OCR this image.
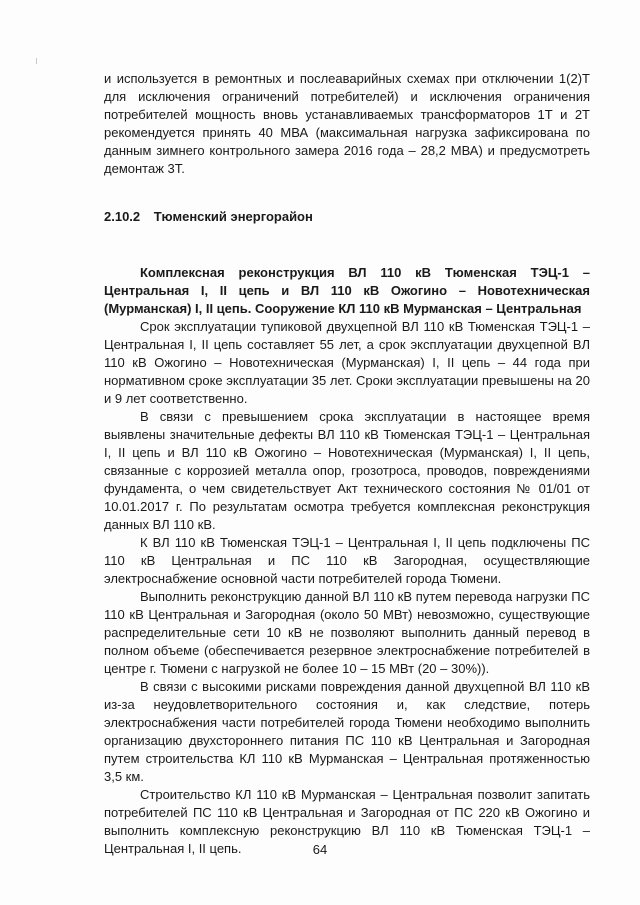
и используется в ремонтных и послеаварийных схемах при отключении 1(2)Т для исключения ограничений потребителей) и исключения ограничения потребителей мощность вновь устанавливаемых трансформаторов 1Т и 2Т рекомендуется принять 40 МВА (максимальная нагрузка зафиксирована по данным зимнего контрольного замера 2016 года – 28,2 МВА) и предусмотреть демонтаж 3Т.

2.10.2 Тюменский энергорайон

Комплексная реконструкция ВЛ 110 кВ Тюменская ТЭЦ-1 – Центральная I, II цепь и ВЛ 110 кВ Ожогино – Новотехническая (Мурманская) I, II цепь. Сооружение КЛ 110 кВ Мурманская – Центральная

Срок эксплуатации тупиковой двухцепной ВЛ 110 кВ Тюменская ТЭЦ-1 – Центральная I, II цепь составляет 55 лет, а срок эксплуатации двухцепной ВЛ 110 кВ Ожогино – Новотехническая (Мурманская) I, II цепь – 44 года при нормативном сроке эксплуатации 35 лет. Сроки эксплуатации превышены на 20 и 9 лет соответственно.

В связи с превышением срока эксплуатации в настоящее время выявлены значительные дефекты ВЛ 110 кВ Тюменская ТЭЦ-1 – Центральная I, II цепь и ВЛ 110 кВ Ожогино – Новотехническая (Мурманская) I, II цепь, связанные с коррозией металла опор, грозотроса, проводов, повреждениями фундамента, о чем свидетельствует Акт технического состояния № 01/01 от 10.01.2017 г. По результатам осмотра требуется комплексная реконструкция данных ВЛ 110 кВ.

К ВЛ 110 кВ Тюменская ТЭЦ-1 – Центральная I, II цепь подключены ПС 110 кВ Центральная и ПС 110 кВ Загородная, осуществляющие электроснабжение основной части потребителей города Тюмени.

Выполнить реконструкцию данной ВЛ 110 кВ путем перевода нагрузки ПС 110 кВ Центральная и Загородная (около 50 МВт) невозможно, существующие распределительные сети 10 кВ не позволяют выполнить данный перевод в полном объеме (обеспечивается резервное электроснабжение потребителей в центре г. Тюмени с нагрузкой не более 10 – 15 МВт (20 – 30%)).

В связи с высокими рисками повреждения данной двухцепной ВЛ 110 кВ из-за неудовлетворительного состояния и, как следствие, потерь электроснабжения части потребителей города Тюмени необходимо выполнить организацию двухстороннего питания ПС 110 кВ Центральная и Загородная путем строительства КЛ 110 кВ Мурманская – Центральная протяженностью 3,5 км.

Строительство КЛ 110 кВ Мурманская – Центральная позволит запитать потребителей ПС 110 кВ Центральная и Загородная от ПС 220 кВ Ожогино и выполнить комплексную реконструкцию ВЛ 110 кВ Тюменская ТЭЦ-1 – Центральная I, II цепь.	64
